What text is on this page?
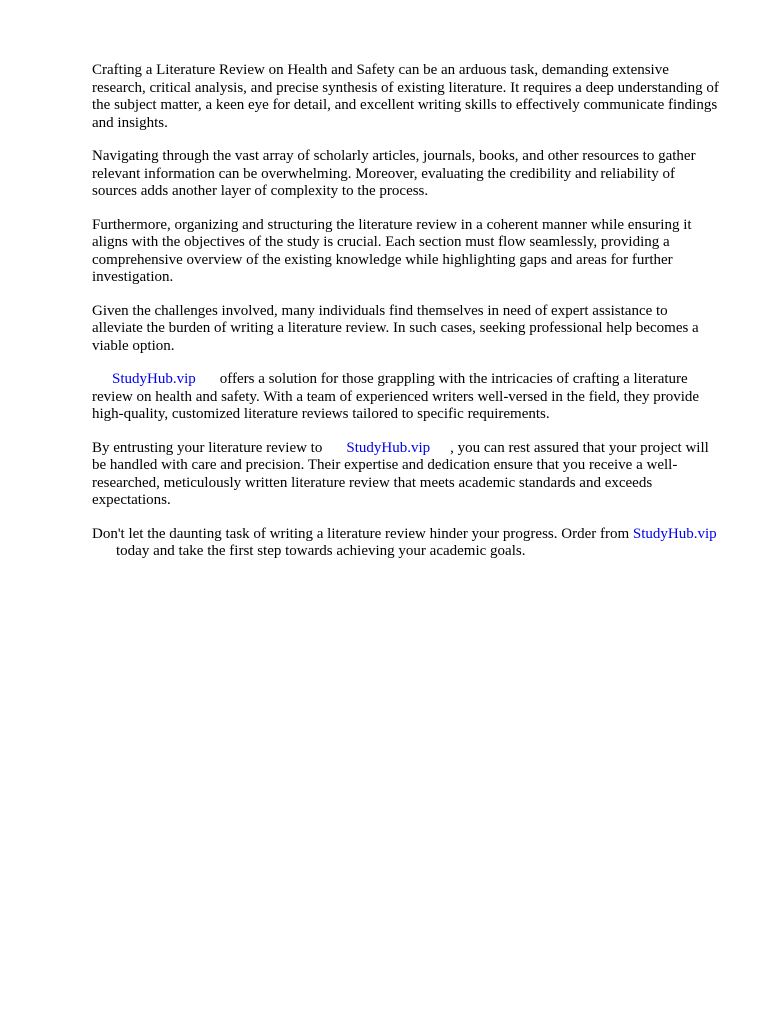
Crafting a Literature Review on Health and Safety can be an arduous task, demanding extensive research, critical analysis, and precise synthesis of existing literature. It requires a deep understanding of the subject matter, a keen eye for detail, and excellent writing skills to effectively communicate findings and insights.

Navigating through the vast array of scholarly articles, journals, books, and other resources to gather relevant information can be overwhelming. Moreover, evaluating the credibility and reliability of sources adds another layer of complexity to the process.

Furthermore, organizing and structuring the literature review in a coherent manner while ensuring it aligns with the objectives of the study is crucial. Each section must flow seamlessly, providing a comprehensive overview of the existing knowledge while highlighting gaps and areas for further investigation.

Given the challenges involved, many individuals find themselves in need of expert assistance to alleviate the burden of writing a literature review. In such cases, seeking professional help becomes a viable option.

StudyHub.vip offers a solution for those grappling with the intricacies of crafting a literature review on health and safety. With a team of experienced writers well-versed in the field, they provide high-quality, customized literature reviews tailored to specific requirements.

By entrusting your literature review to StudyHub.vip , you can rest assured that your project will be handled with care and precision. Their expertise and dedication ensure that you receive a well-researched, meticulously written literature review that meets academic standards and exceeds expectations.

Don't let the daunting task of writing a literature review hinder your progress. Order from StudyHub.viptoday and take the first step towards achieving your academic goals.
